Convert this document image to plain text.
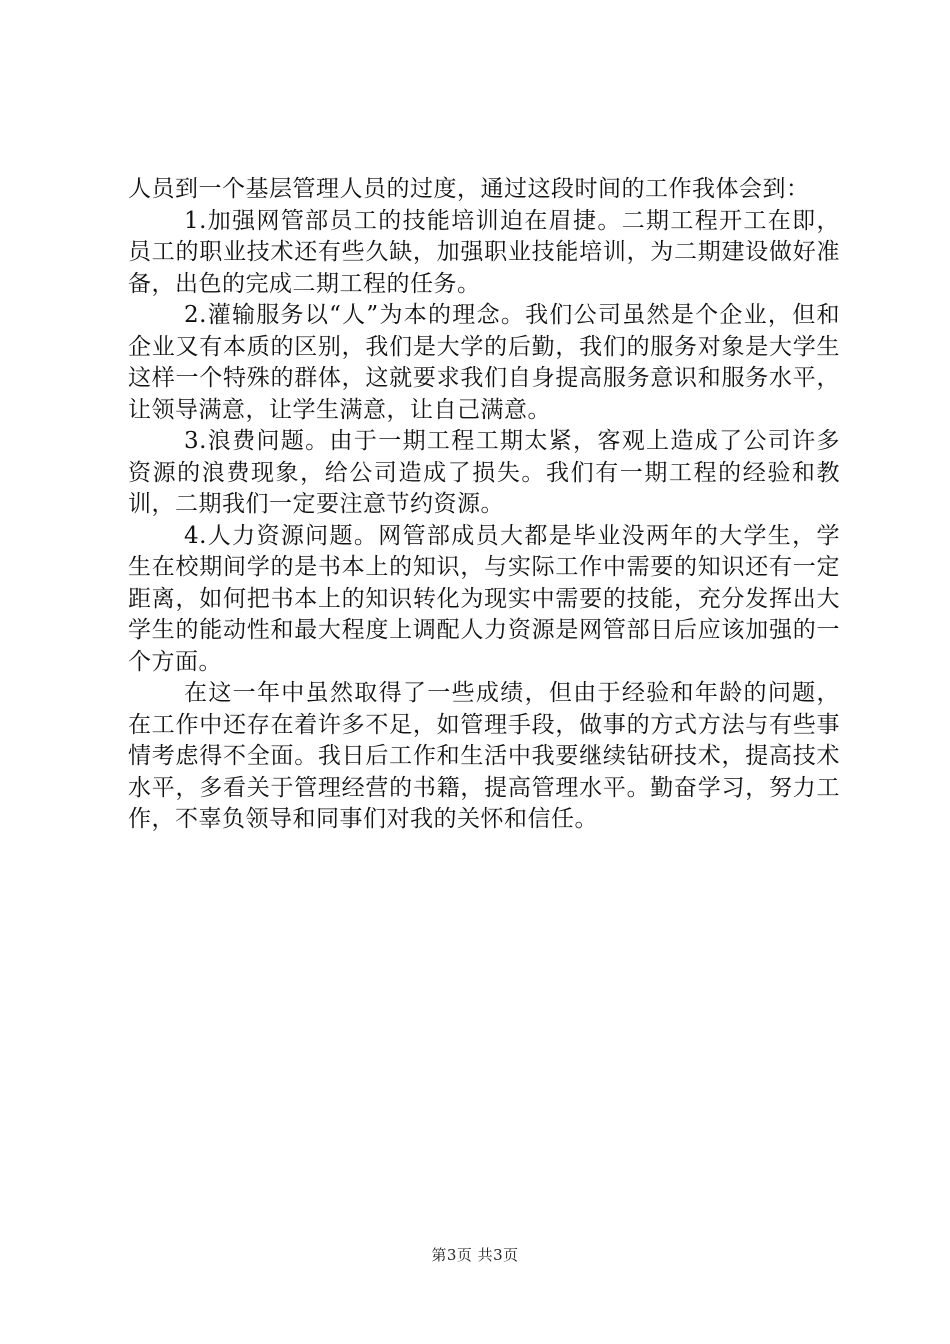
人员到一个基层管理人员的过度，通过这段时间的工作我体会到：

1.加强网管部员工的技能培训迫在眉捷。二期工程开工在即，员工的职业技术还有些久缺，加强职业技能培训，为二期建设做好准备，出色的完成二期工程的任务。

2.灌输服务以“人”为本的理念。我们公司虽然是个企业，但和企业又有本质的区别，我们是大学的后勤，我们的服务对象是大学生这样一个特殊的群体，这就要求我们自身提高服务意识和服务水平，让领导满意，让学生满意，让自己满意。

3.浪费问题。由于一期工程工期太紧，客观上造成了公司许多资源的浪费现象，给公司造成了损失。我们有一期工程的经验和教训，二期我们一定要注意节约资源。

4.人力资源问题。网管部成员大都是毕业没两年的大学生，学生在校期间学的是书本上的知识，与实际工作中需要的知识还有一定距离，如何把书本上的知识转化为现实中需要的技能，充分发挥出大学生的能动性和最大程度上调配人力资源是网管部日后应该加强的一个方面。

在这一年中虽然取得了一些成绩，但由于经验和年龄的问题，在工作中还存在着许多不足，如管理手段，做事的方式方法与有些事情考虑得不全面。我日后工作和生活中我要继续钻研技术，提高技术水平，多看关于管理经营的书籍，提高管理水平。勤奋学习，努力工作，不辜负领导和同事们对我的关怀和信任。

第3页 共3页
